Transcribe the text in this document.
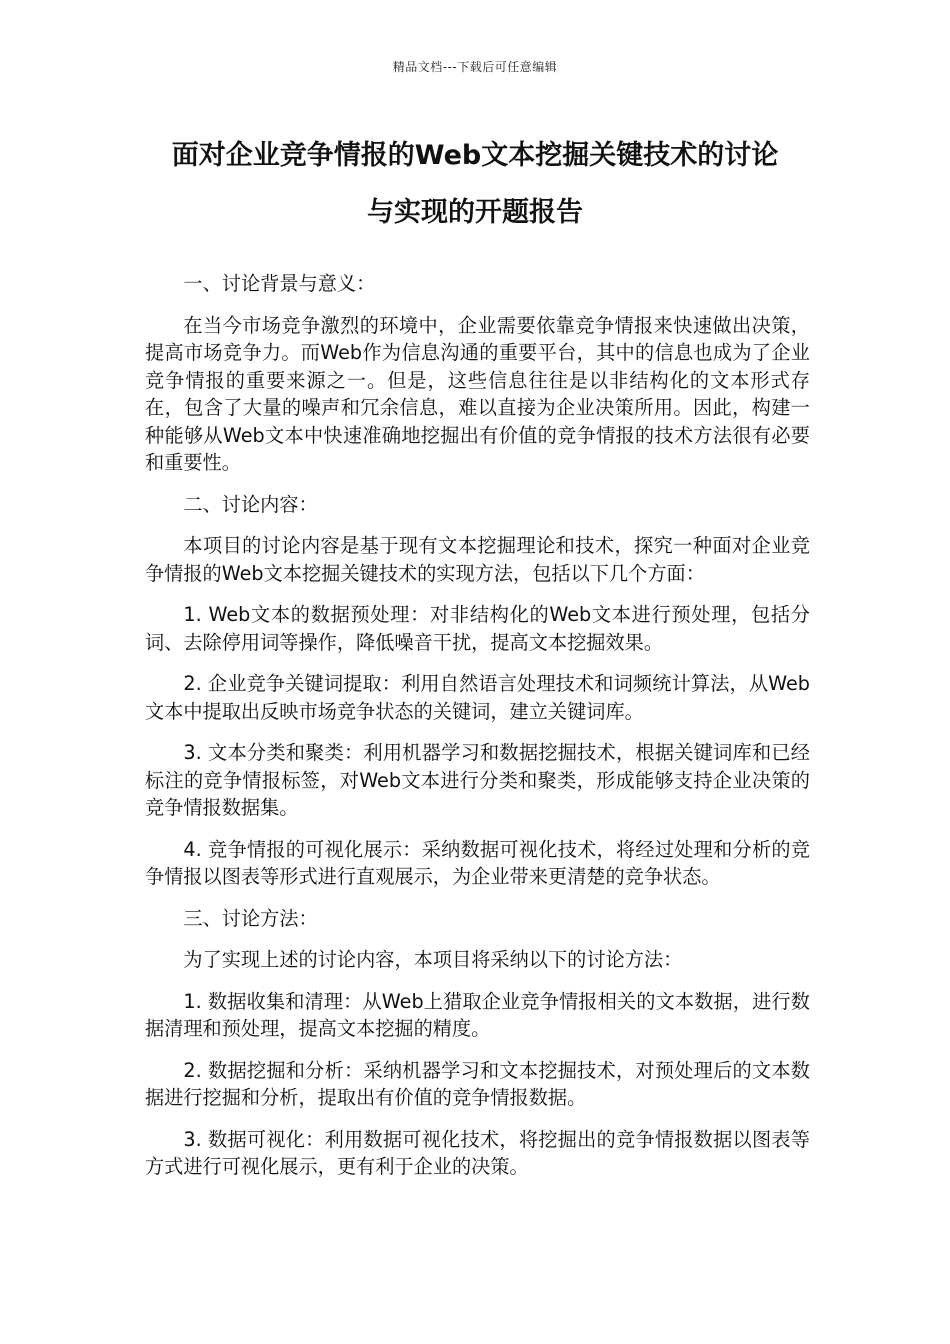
精品文档---下载后可任意编辑
面对企业竞争情报的Web文本挖掘关键技术的讨论
与实现的开题报告

一、讨论背景与意义：

在当今市场竞争激烈的环境中，企业需要依靠竞争情报来快速做出决策，提高市场竞争力。而Web作为信息沟通的重要平台，其中的信息也成为了企业竞争情报的重要来源之一。但是，这些信息往往是以非结构化的文本形式存在，包含了大量的噪声和冗余信息，难以直接为企业决策所用。因此，构建一种能够从Web文本中快速准确地挖掘出有价值的竞争情报的技术方法很有必要和重要性。

二、讨论内容：

本项目的讨论内容是基于现有文本挖掘理论和技术，探究一种面对企业竞争情报的Web文本挖掘关键技术的实现方法，包括以下几个方面：

1. Web文本的数据预处理：对非结构化的Web文本进行预处理，包括分词、去除停用词等操作，降低噪音干扰，提高文本挖掘效果。

2. 企业竞争关键词提取：利用自然语言处理技术和词频统计算法，从Web文本中提取出反映市场竞争状态的关键词，建立关键词库。

3. 文本分类和聚类：利用机器学习和数据挖掘技术，根据关键词库和已经标注的竞争情报标签，对Web文本进行分类和聚类，形成能够支持企业决策的竞争情报数据集。

4. 竞争情报的可视化展示：采纳数据可视化技术，将经过处理和分析的竞争情报以图表等形式进行直观展示，为企业带来更清楚的竞争状态。

三、讨论方法：

为了实现上述的讨论内容，本项目将采纳以下的讨论方法：

1. 数据收集和清理：从Web上猎取企业竞争情报相关的文本数据，进行数据清理和预处理，提高文本挖掘的精度。

2. 数据挖掘和分析：采纳机器学习和文本挖掘技术，对预处理后的文本数据进行挖掘和分析，提取出有价值的竞争情报数据。

3. 数据可视化：利用数据可视化技术，将挖掘出的竞争情报数据以图表等方式进行可视化展示，更有利于企业的决策。
